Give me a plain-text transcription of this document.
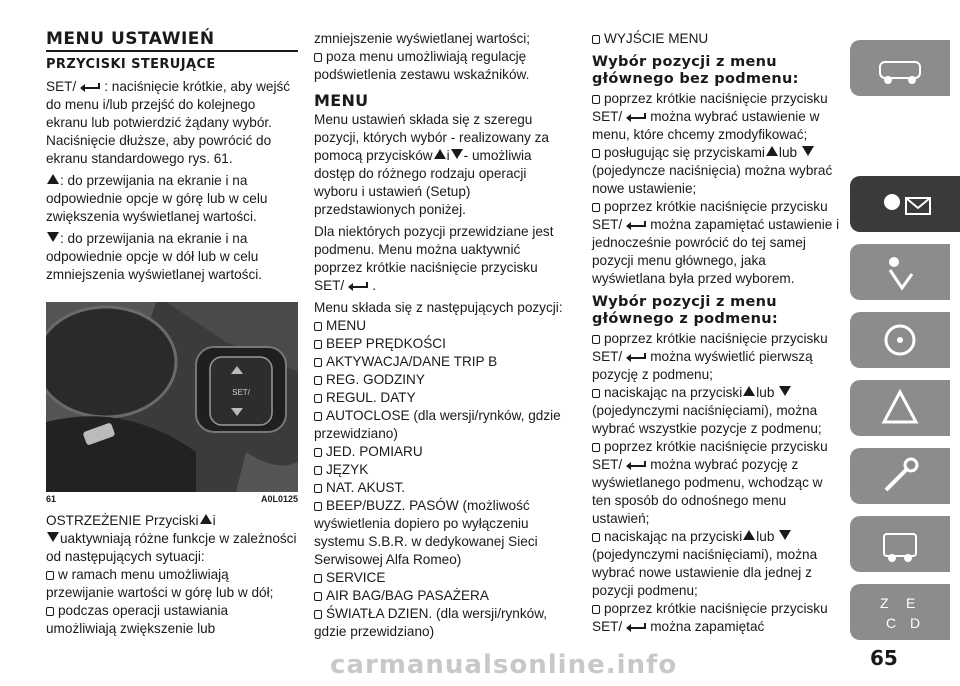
MENU USTAWIEŃ
PRZYCISKI STERUJĄCE

SET/ : naciśnięcie krótkie, aby wejść do menu i/lub przejść do kolejnego ekranu lub potwierdzić żądany wybór. Naciśnięcie dłuższe, aby powrócić do ekranu standardowego rys. 61.

: do przewijania na ekranie i na odpowiednie opcje w górę lub w celu zwiększenia wyświetlanej wartości.

: do przewijania na ekranie i na odpowiednie opcje w dół lub w celu zmniejszenia wyświetlanej wartości.

SET/
61	A0L0125

OSTRZEŻENIE Przyciski i
uaktywniają różne funkcje w zależności od następujących sytuacji:

w ramach menu umożliwiają przewijanie wartości w górę lub w dół;

podczas operacji ustawiania umożliwiają zwiększenie lub

zmniejszenie wyświetlanej wartości;

poza menu umożliwiają regulację podświetlenia zestawu wskaźników.

MENU

Menu ustawień składa się z szeregu pozycji, których wybór - realizowany za pomocą przycisków i - umożliwia dostęp do różnego rodzaju operacji wyboru i ustawień (Setup) przedstawionych poniżej.

Dla niektórych pozycji przewidziane jest podmenu. Menu można uaktywnić poprzez krótkie naciśnięcie przycisku SET/ .

Menu składa się z następujących pozycji:

MENU

BEEP PRĘDKOŚCI

AKTYWACJA/DANE TRIP B

REG. GODZINY

REGUL. DATY

AUTOCLOSE (dla wersji/rynków, gdzie przewidziano)

JED. POMIARU

JĘZYK

NAT. AKUST.

BEEP/BUZZ. PASÓW (możliwość wyświetlenia dopiero po wyłączeniu systemu S.B.R. w dedykowanej Sieci Serwisowej Alfa Romeo)

SERVICE

AIR BAG/BAG PASAŻERA

ŚWIATŁA DZIEN. (dla wersji/rynków, gdzie przewidziano)

WYJŚCIE MENU

Wybór pozycji z menu głównego bez podmenu:

poprzez krótkie naciśnięcie przycisku SET/ można wybrać ustawienie w menu, które chcemy zmodyfikować;

posługując się przyciskami lub (pojedyncze naciśnięcia) można wybrać nowe ustawienie;

poprzez krótkie naciśnięcie przycisku SET/ można zapamiętać ustawienie i jednocześnie powrócić do tej samej pozycji menu głównego, jaka wyświetlana była przed wyborem.

Wybór pozycji z menu głównego z podmenu:

poprzez krótkie naciśnięcie przycisku SET/ można wyświetlić pierwszą pozycję z podmenu;

naciskając na przyciski lub (pojedynczymi naciśnięciami), można wybrać wszystkie pozycje z podmenu;

poprzez krótkie naciśnięcie przycisku SET/ można wybrać pozycję z wyświetlanego podmenu, wchodząc w ten sposób do odnośnego menu ustawień;

naciskając na przyciski lub (pojedynczymi naciśnięciami), można wybrać nowe ustawienie dla jednej z pozycji podmenu;

poprzez krótkie naciśnięcie przycisku SET/ można zapamiętać

Z E
C D
65
carmanualsonline.info
